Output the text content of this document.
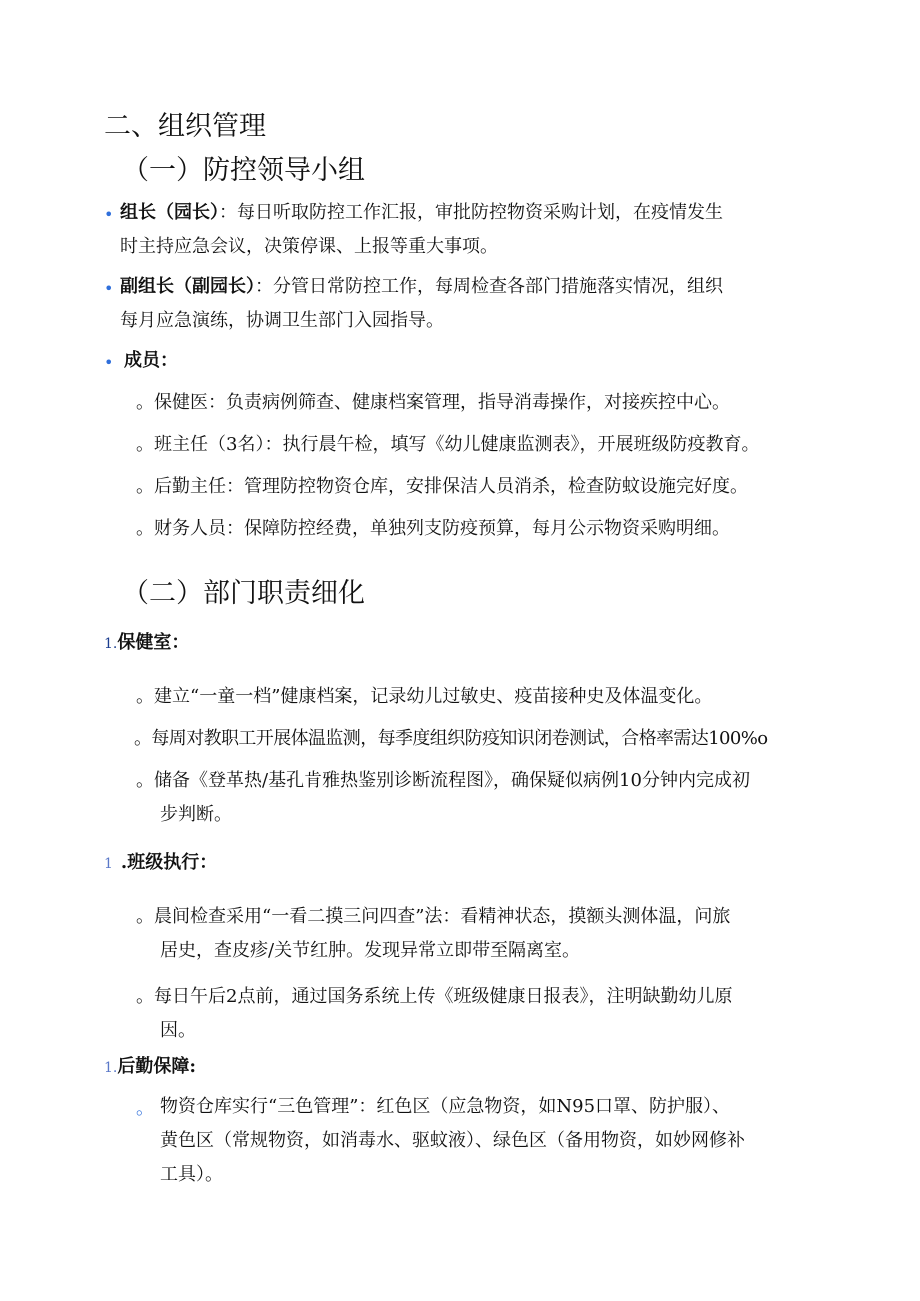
二、组织管理
（一）防控领导小组
• 组长（园长）：每日听取防控工作汇报，审批防控物资采购计划，在疫情发生
时主持应急会议，决策停课、上报等重大事项。
• 副组长（副园长）：分管日常防控工作，每周检查各部门措施落实情况，组织
每月应急演练，协调卫生部门入园指导。
• 成员：
。保健医：负责病例筛查、健康档案管理，指导消毒操作，对接疾控中心。
。班主任（3名）：执行晨午检，填写《幼儿健康监测表》，开展班级防疫教育。
。后勤主任：管理防控物资仓库，安排保洁人员消杀，检查防蚊设施完好度。
。财务人员：保障防控经费，单独列支防疫预算，每月公示物资采购明细。
（二）部门职责细化
1.保健室：
。建立“一童一档”健康档案，记录幼儿过敏史、疫苗接种史及体温变化。
。每周对教职工开展体温监测，每季度组织防疫知识闭卷测试，合格率需达100%o
。储备《登革热/基孔肯雅热鉴别诊断流程图》，确保疑似病例10分钟内完成初
步判断。
1 .班级执行：
。晨间检查采用“一看二摸三问四查”法：看精神状态，摸额头测体温，问旅
居史，查皮疹/关节红肿。发现异常立即带至隔离室。
。每日午后2点前，通过国务系统上传《班级健康日报表》，注明缺勤幼儿原
因。
1.后勤保障:
。 物资仓库实行“三色管理”：红色区（应急物资，如N95口罩、防护服）、
黄色区（常规物资，如消毒水、驱蚊液）、绿色区（备用物资，如妙网修补
工具）。
